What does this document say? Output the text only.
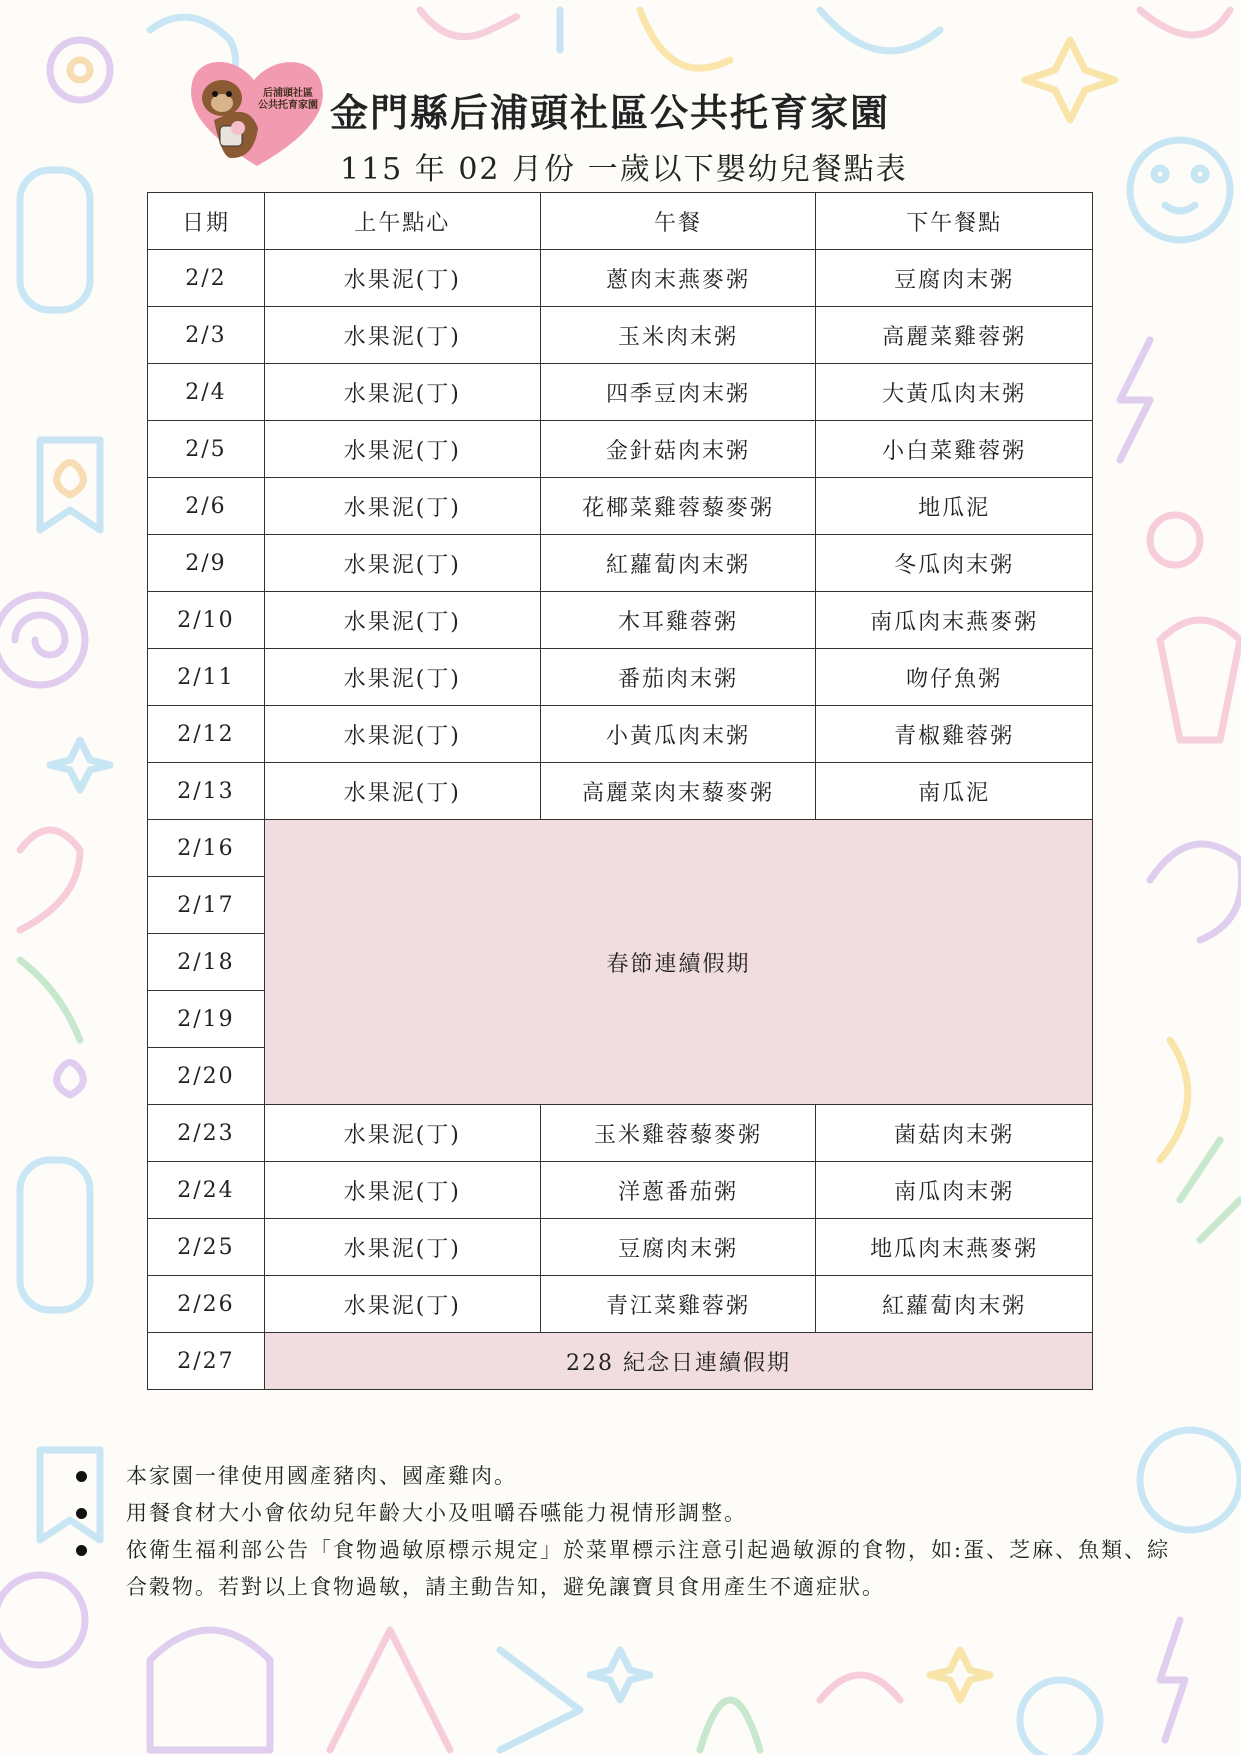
后浦頭社區
公共托育家園 金門縣后浦頭社區公共托育家園
115 年 02 月份 一歲以下嬰幼兒餐點表
日期	上午點心	午餐	下午餐點
2/2	水果泥(丁)	蔥肉末燕麥粥	豆腐肉末粥
2/3	水果泥(丁)	玉米肉末粥	高麗菜雞蓉粥
2/4	水果泥(丁)	四季豆肉末粥	大黃瓜肉末粥
2/5	水果泥(丁)	金針菇肉末粥	小白菜雞蓉粥
2/6	水果泥(丁)	花椰菜雞蓉藜麥粥	地瓜泥
2/9	水果泥(丁)	紅蘿蔔肉末粥	冬瓜肉末粥
2/10	水果泥(丁)	木耳雞蓉粥	南瓜肉末燕麥粥
2/11	水果泥(丁)	番茄肉末粥	吻仔魚粥
2/12	水果泥(丁)	小黃瓜肉末粥	青椒雞蓉粥
2/13	水果泥(丁)	高麗菜肉末藜麥粥	南瓜泥
2/16	春節連續假期		
2/17			
2/18			
2/19			
2/20			
2/23	水果泥(丁)	玉米雞蓉藜麥粥	菌菇肉末粥
2/24	水果泥(丁)	洋蔥番茄粥	南瓜肉末粥
2/25	水果泥(丁)	豆腐肉末粥	地瓜肉末燕麥粥
2/26	水果泥(丁)	青江菜雞蓉粥	紅蘿蔔肉末粥
2/27	228 紀念日連續假期		
本家園一律使用國產豬肉、國產雞肉。
用餐食材大小會依幼兒年齡大小及咀嚼吞嚥能力視情形調整。
依衛生福利部公告「食物過敏原標示規定」於菜單標示注意引起過敏源的食物，如:蛋、芝麻、魚類、綜合穀物。若對以上食物過敏，請主動告知，避免讓寶貝食用產生不適症狀。
